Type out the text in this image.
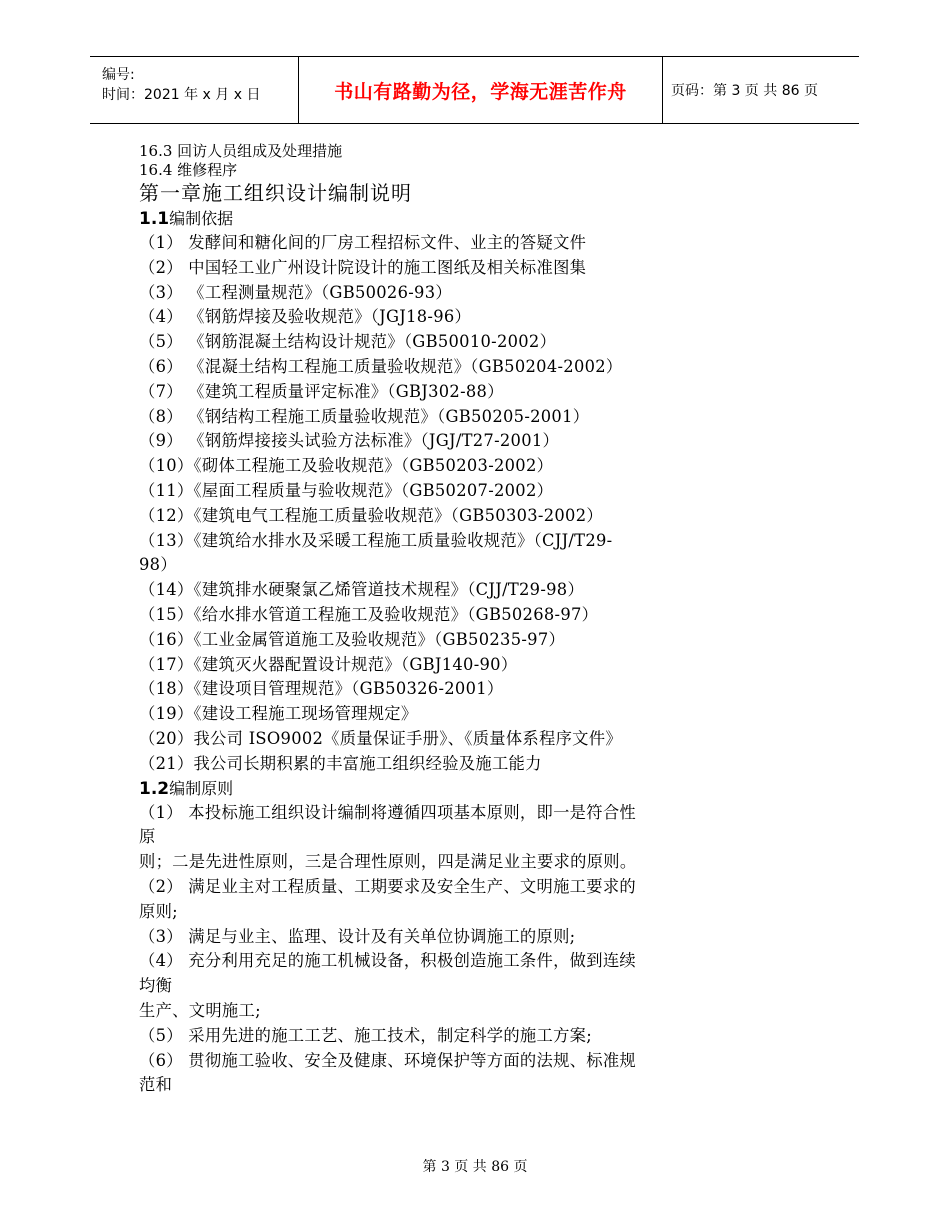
编号:
时间：2021 年 x 月 x 日	书山有路勤为径，学海无涯苦作舟	页码：第 3 页 共 86 页
16.3 回访人员组成及处理措施
16.4 维修程序
第一章施工组织设计编制说明
1.1编制依据
（1） 发酵间和糖化间的厂房工程招标文件、业主的答疑文件
（2） 中国轻工业广州设计院设计的施工图纸及相关标准图集
（3） 《工程测量规范》（GB50026-93）
（4） 《钢筋焊接及验收规范》（JGJ18-96）
（5） 《钢筋混凝土结构设计规范》（GB50010-2002）
（6） 《混凝土结构工程施工质量验收规范》（GB50204-2002）
（7） 《建筑工程质量评定标准》（GBJ302-88）
（8） 《钢结构工程施工质量验收规范》（GB50205-2001）
（9） 《钢筋焊接接头试验方法标准》（JGJ/T27-2001）
（10）《砌体工程施工及验收规范》（GB50203-2002）
（11）《屋面工程质量与验收规范》（GB50207-2002）
（12）《建筑电气工程施工质量验收规范》（GB50303-2002）
（13）《建筑给水排水及采暖工程施工质量验收规范》（CJJ/T29-
98）
（14）《建筑排水硬聚氯乙烯管道技术规程》（CJJ/T29-98）
（15）《给水排水管道工程施工及验收规范》（GB50268-97）
（16）《工业金属管道施工及验收规范》（GB50235-97）
（17）《建筑灭火器配置设计规范》（GBJ140-90）
（18）《建设项目管理规范》（GB50326-2001）
（19）《建设工程施工现场管理规定》
（20）我公司 ISO9002《质量保证手册》、《质量体系程序文件》
（21）我公司长期积累的丰富施工组织经验及施工能力
1.2编制原则
（1） 本投标施工组织设计编制将遵循四项基本原则，即一是符合性
原
则；二是先进性原则，三是合理性原则，四是满足业主要求的原则。
（2） 满足业主对工程质量、工期要求及安全生产、文明施工要求的
原则;
（3） 满足与业主、监理、设计及有关单位协调施工的原则;
（4） 充分利用充足的施工机械设备，积极创造施工条件，做到连续
均衡
生产、文明施工;
（5） 采用先进的施工工艺、施工技术，制定科学的施工方案;
（6） 贯彻施工验收、安全及健康、环境保护等方面的法规、标准规
范和
第 3 页 共 86 页
